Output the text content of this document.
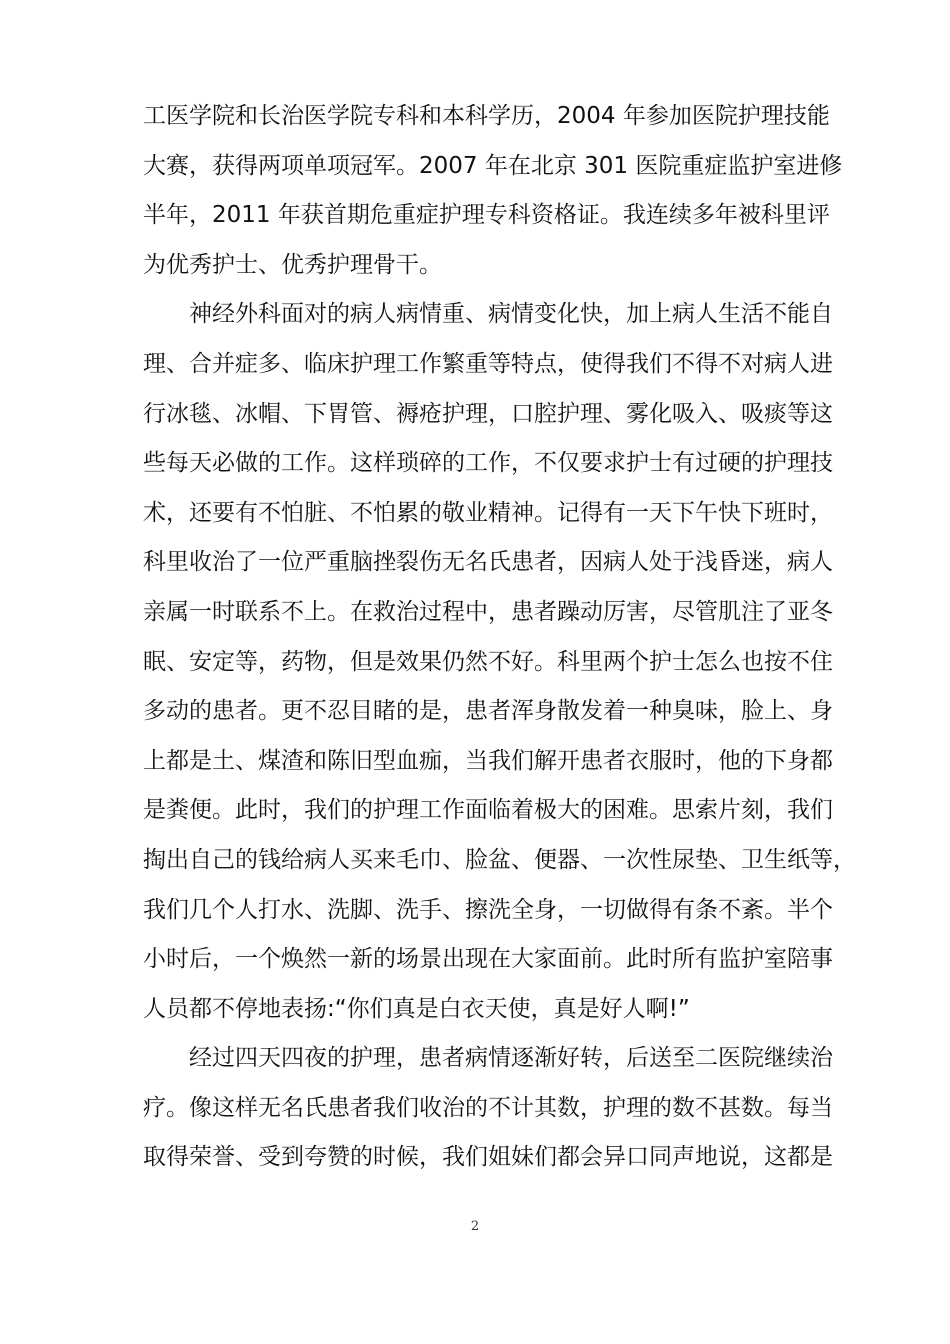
工医学院和长治医学院专科和本科学历，2004 年参加医院护理技能
大赛，获得两项单项冠军。2007 年在北京 301 医院重症监护室进修
半年，2011 年获首期危重症护理专科资格证。我连续多年被科里评
为优秀护士、优秀护理骨干。
神经外科面对的病人病情重、病情变化快，加上病人生活不能自
理、合并症多、临床护理工作繁重等特点，使得我们不得不对病人进
行冰毯、冰帽、下胃管、褥疮护理，口腔护理、雾化吸入、吸痰等这
些每天必做的工作。这样琐碎的工作，不仅要求护士有过硬的护理技
术，还要有不怕脏、不怕累的敬业精神。记得有一天下午快下班时，
科里收治了一位严重脑挫裂伤无名氏患者，因病人处于浅昏迷，病人
亲属一时联系不上。在救治过程中，患者躁动厉害，尽管肌注了亚冬
眠、安定等，药物，但是效果仍然不好。科里两个护士怎么也按不住
多动的患者。更不忍目睹的是，患者浑身散发着一种臭味，脸上、身
上都是土、煤渣和陈旧型血痂，当我们解开患者衣服时，他的下身都
是粪便。此时，我们的护理工作面临着极大的困难。思索片刻，我们
掏出自己的钱给病人买来毛巾、脸盆、便器、一次性尿垫、卫生纸等，
我们几个人打水、洗脚、洗手、擦洗全身，一切做得有条不紊。半个
小时后，一个焕然一新的场景出现在大家面前。此时所有监护室陪事
人员都不停地表扬:“你们真是白衣天使，真是好人啊!”
经过四天四夜的护理，患者病情逐渐好转，后送至二医院继续治
疗。像这样无名氏患者我们收治的不计其数，护理的数不甚数。每当
取得荣誉、受到夸赞的时候，我们姐妹们都会异口同声地说，这都是
2
